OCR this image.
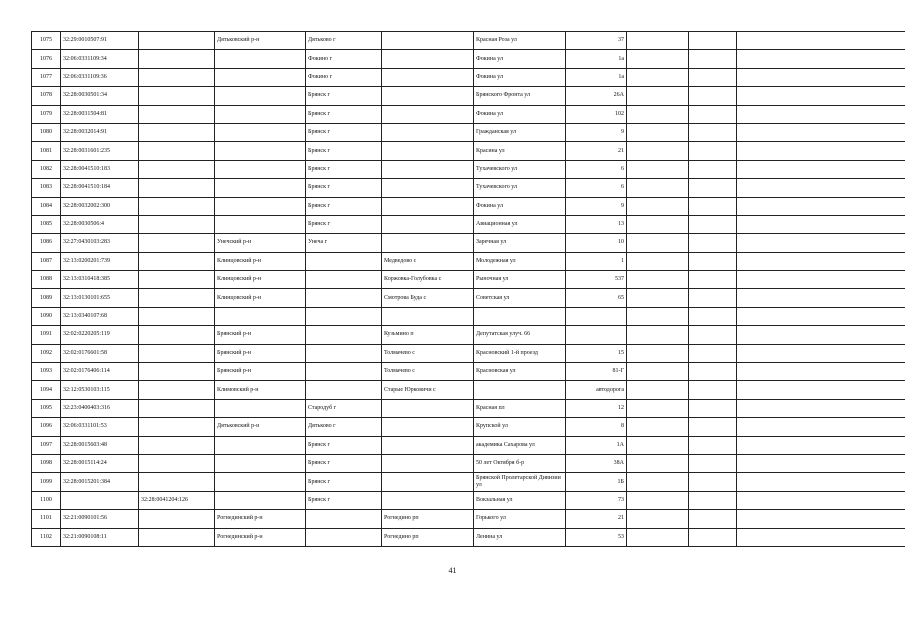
1075	32:29:0010507:91		Дятьковский р-н	Дятьково г		Красная Роза ул	37			
1076	32:06:0331109:34			Фокино г		Фокина ул	1а			
1077	32:06:0331109:36			Фокино г		Фокина ул	1а			
1078	32:28:0030501:34			Брянск г		Брянского Фронта ул	26А			
1079	32:28:0031504:81			Брянск г		Фокина ул	102			
1080	32:28:0032014:91			Брянск г		Гражданская ул	9			
1081	32:28:0031601:235			Брянск г		Красина ул	21			
1082	32:28:0041510:183			Брянск г		Тухачевского ул	6			
1083	32:28:0041510:184			Брянск г		Тухачевского ул	6			
1084	32:28:0032002:300			Брянск г		Фокина ул	9			
1085	32:28:0030506:4			Брянск г		Авиационная ул	13			
1086	32:27:0430103:283		Унечский р-н	Унеча г		Заречная ул	10			
1087	32:13:0200201:739		Клинцовский р-н		Медведово с	Молодежная ул	1			
1088	32:13:0310418:385		Клинцовский р-н		Коржовка-Голубовка с	Рыночная ул	537			
1089	32:13:0130101:655		Клинцовский р-н		Смотрова Буда с	Советская ул	65			
1090	32:13:0340107:68									
1091	32:02:0220205:119		Брянский р-н		Кузьмино п	Депутатская улуч. 66				
1092	32:02:0176601:58		Брянский р-н		Толмачево с	Красновский 1-й проезд	15			
1093	32:02:0176406:114		Брянский р-н		Толмачево с	Красновская ул	81-Г			
1094	32:12:0530103:115		Климовский р-н		Старые Юрковичи с		автодорога			
1095	32:23:0400403:316			Стародуб г		Красная пл	12			
1096	32:06:0331101:53		Дятьковский р-н	Дятьково г		Крупской ул	8			
1097	32:28:0015603:48			Брянск г		академика Сахарова ул	1А			
1098	32:28:0015114:24			Брянск г		50 лет Октября б-р	38А			
1099	32:28:0015201:384			Брянск г		Брянской Пролетарской Дивизии ул	1Б			
1100		32:28:0041204:126		Брянск г		Вокзальная ул	73			
1101	32:21:0090101:56		Рогнединский р-н		Рогнедино рп	Горького ул	21			
1102	32:21:0090108:11		Рогнединский р-н		Рогнедино рп	Ленина ул	53			
41
